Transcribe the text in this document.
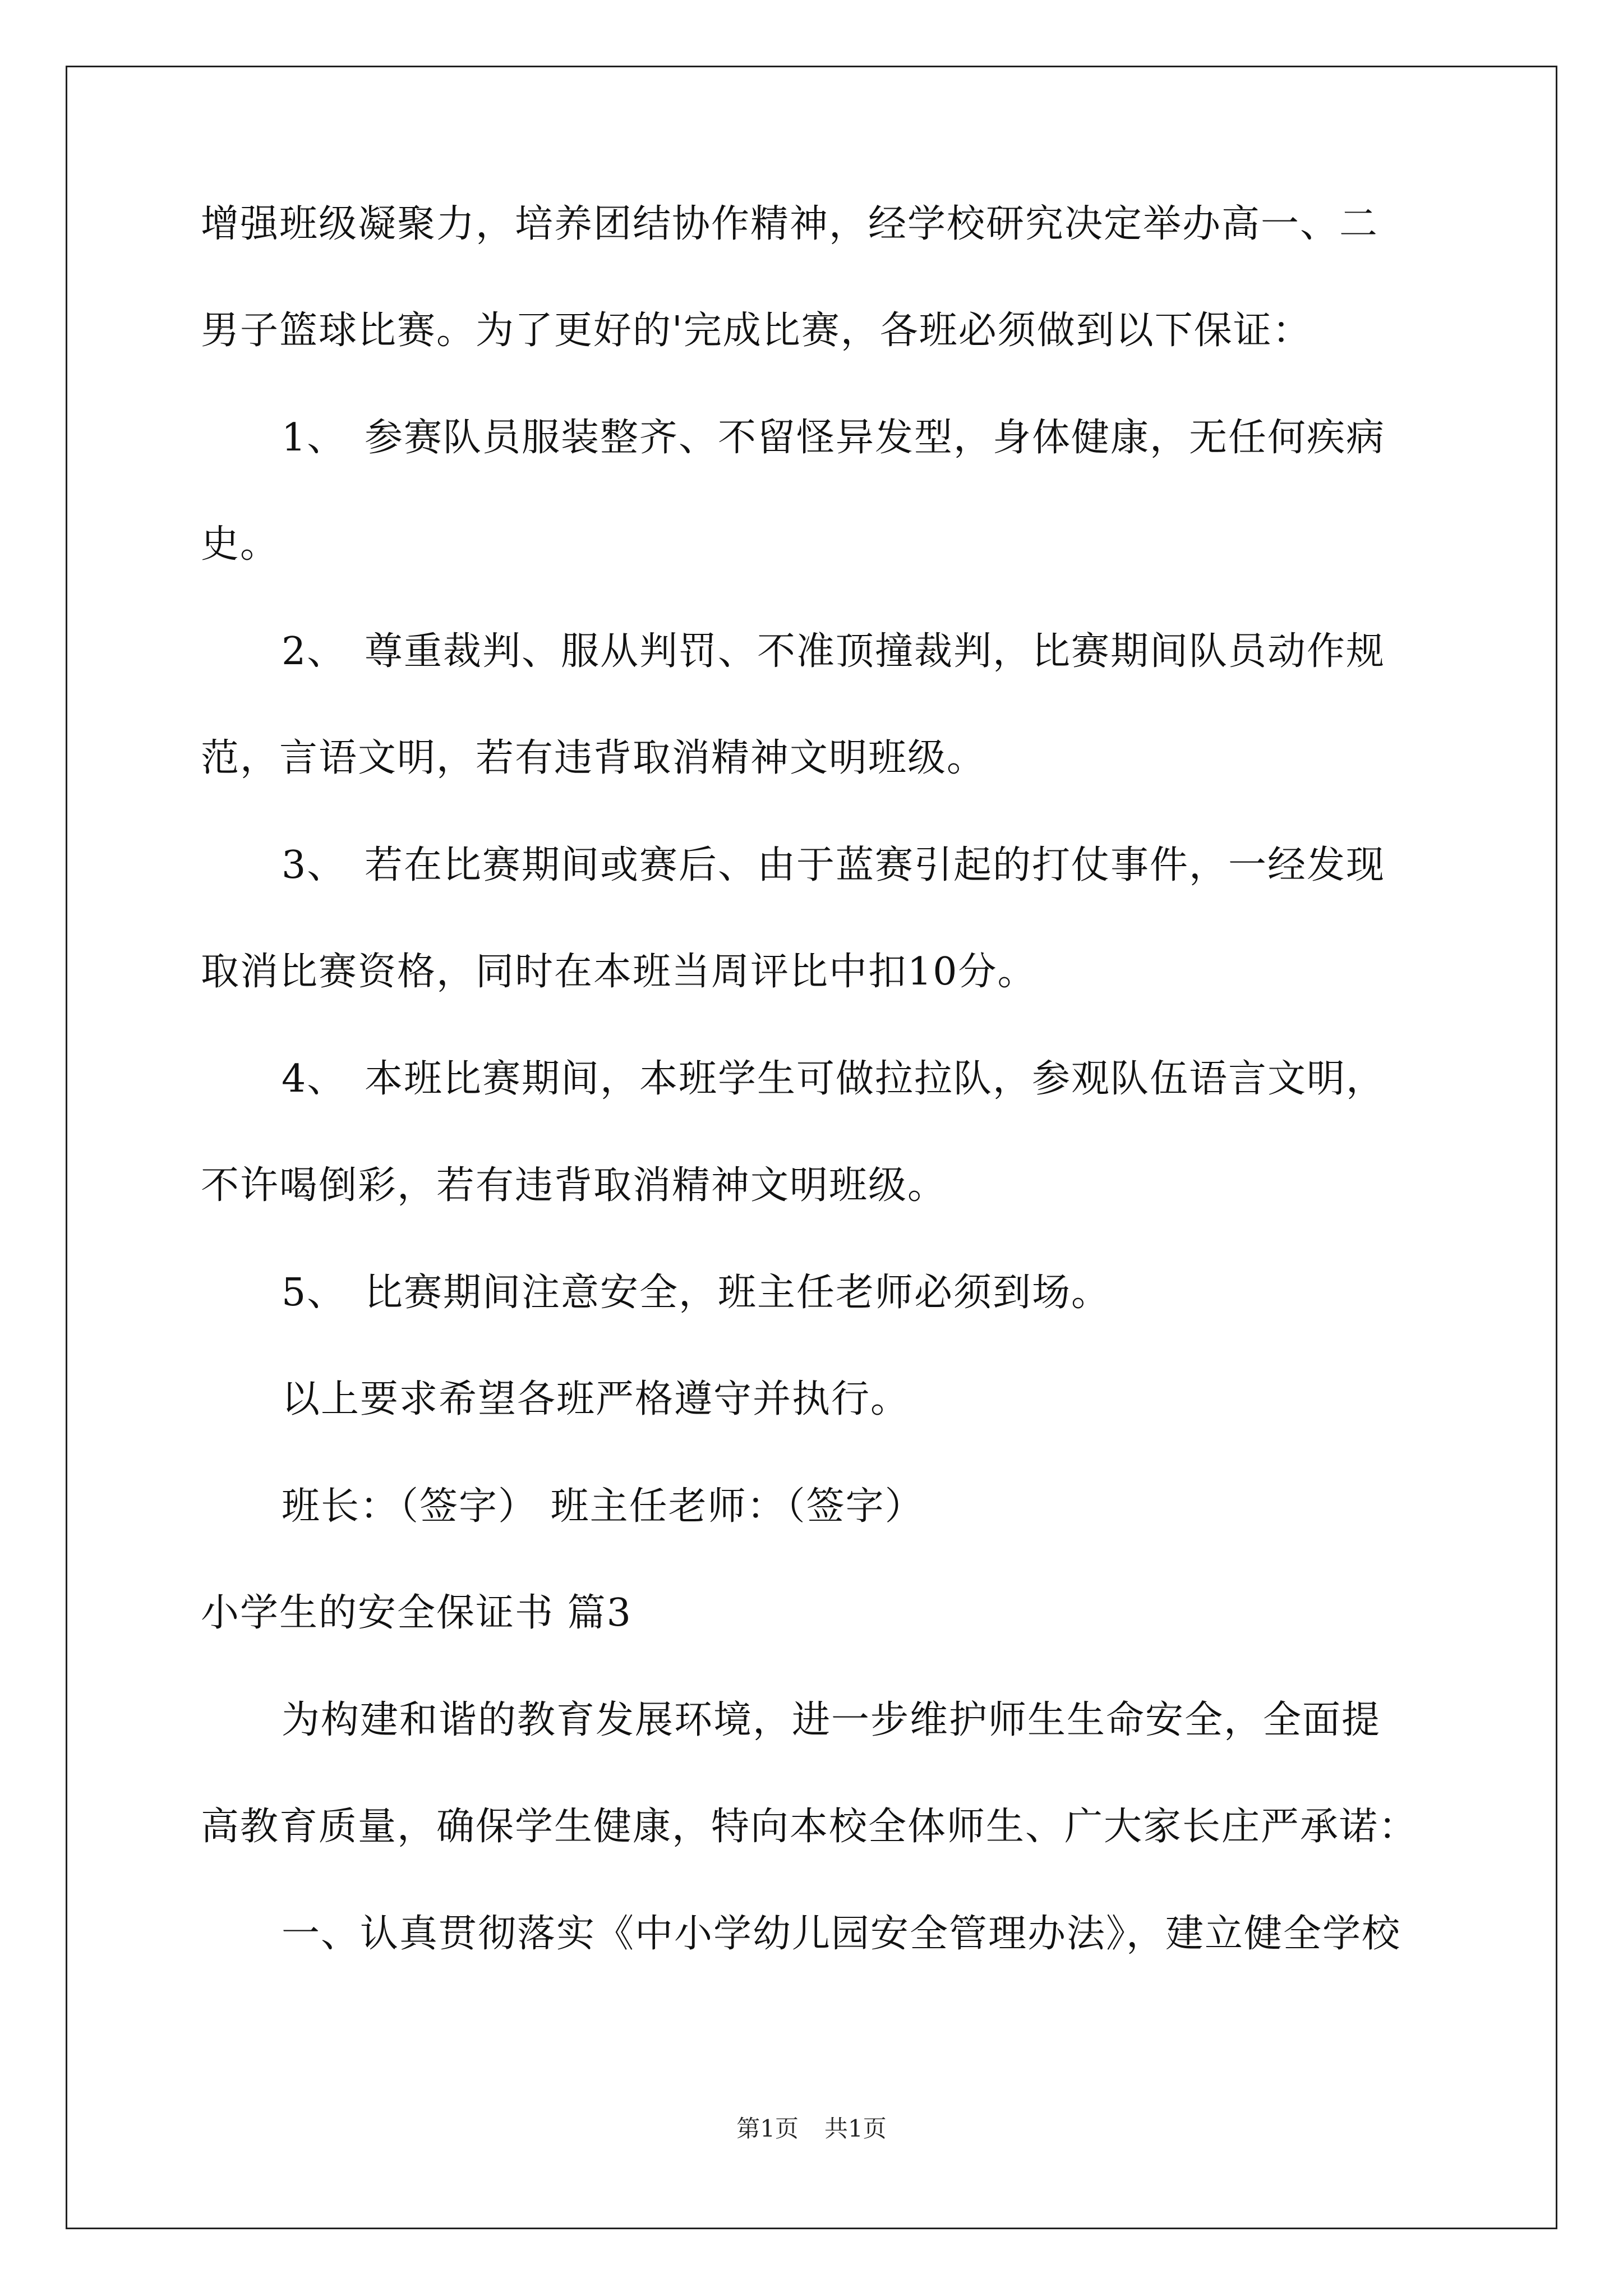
增强班级凝聚力，培养团结协作精神，经学校研究决定举办高一、二
男子篮球比赛。为了更好的'完成比赛，各班必须做到以下保证：
1、 参赛队员服装整齐、不留怪异发型，身体健康，无任何疾病
史。
2、 尊重裁判、服从判罚、不准顶撞裁判，比赛期间队员动作规
范，言语文明，若有违背取消精神文明班级。
3、 若在比赛期间或赛后、由于蓝赛引起的打仗事件，一经发现
取消比赛资格，同时在本班当周评比中扣10分。
4、 本班比赛期间，本班学生可做拉拉队，参观队伍语言文明，
不许喝倒彩，若有违背取消精神文明班级。
5、 比赛期间注意安全，班主任老师必须到场。
以上要求希望各班严格遵守并执行。
班长：（签字） 班主任老师：（签字）
小学生的安全保证书 篇3
为构建和谐的教育发展环境，进一步维护师生生命安全，全面提
高教育质量，确保学生健康，特向本校全体师生、广大家长庄严承诺：
一、认真贯彻落实《中小学幼儿园安全管理办法》，建立健全学校
第1页 共1页
